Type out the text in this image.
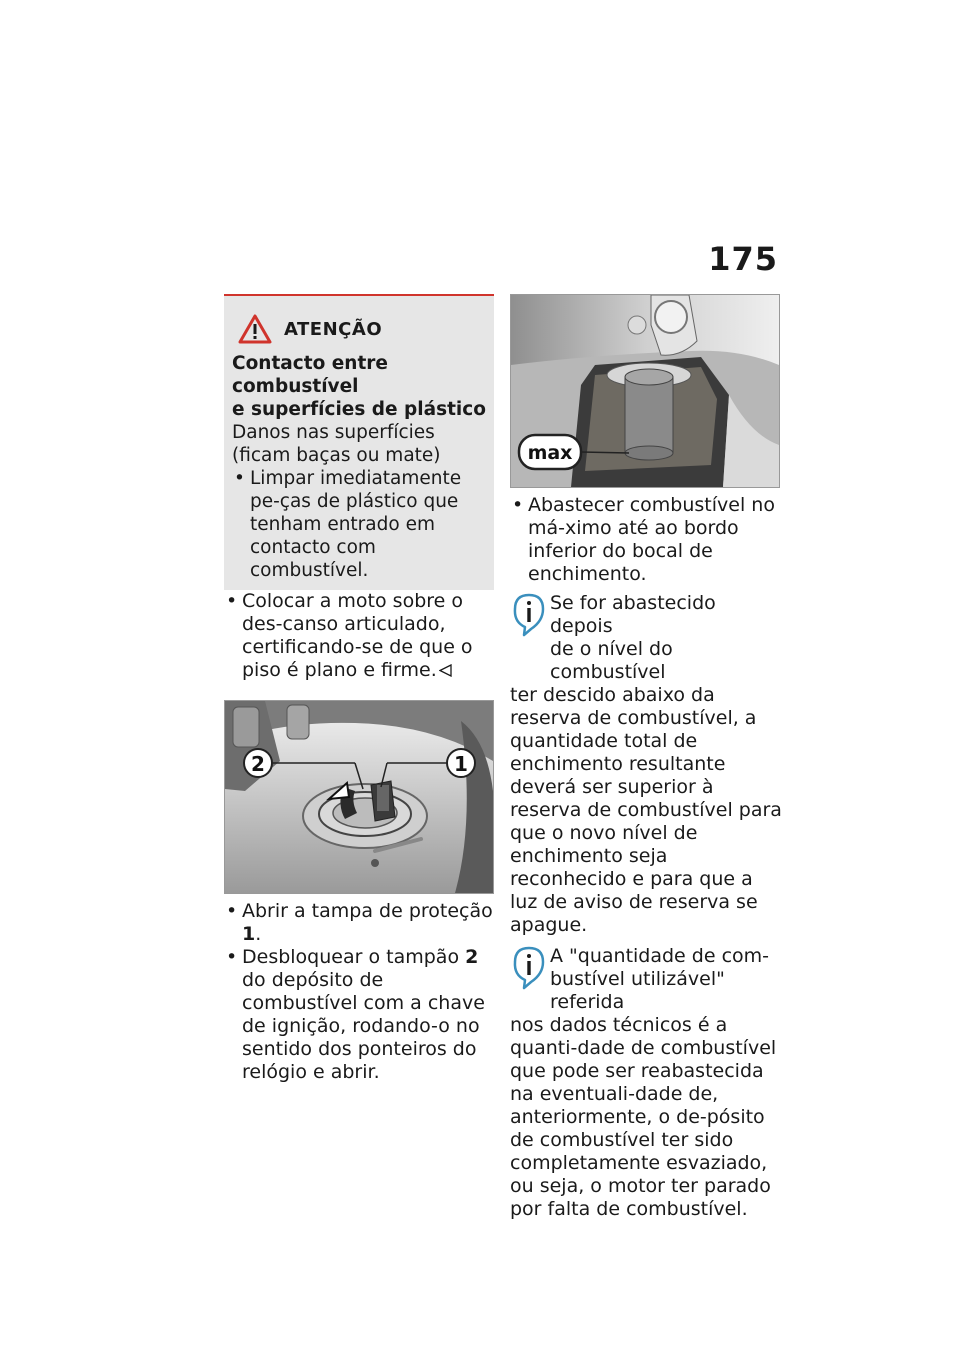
175
ATENÇÃO
Contacto entre combustível
e superfícies de plástico
Danos nas superfícies (ficam baças ou mate)
• Limpar imediatamente pe-ças de plástico que tenham entrado em contacto com combustível.
• Colocar a moto sobre o des-canso articulado, certificando-se de que o piso é plano e firme.
2	1
• Abrir a tampa de proteção 1.
• Desbloquear o tampão 2 do depósito de combustível com a chave de ignição, rodando-o no sentido dos ponteiros do relógio e abrir.
max
• Abastecer combustível no má-ximo até ao bordo inferior do bocal de enchimento.
Se for abastecido depois
de o nível do combustível
ter descido abaixo da reserva de combustível, a quantidade total de enchimento resultante deverá ser superior à reserva de combustível para que o novo nível de enchimento seja reconhecido e para que a luz de aviso de reserva se apague.
A "quantidade de com-
bustível utilizável" referida
nos dados técnicos é a quanti-dade de combustível que pode ser reabastecida na eventuali-dade de, anteriormente, o de-pósito de combustível ter sido completamente esvaziado, ou seja, o motor ter parado por falta de combustível.
